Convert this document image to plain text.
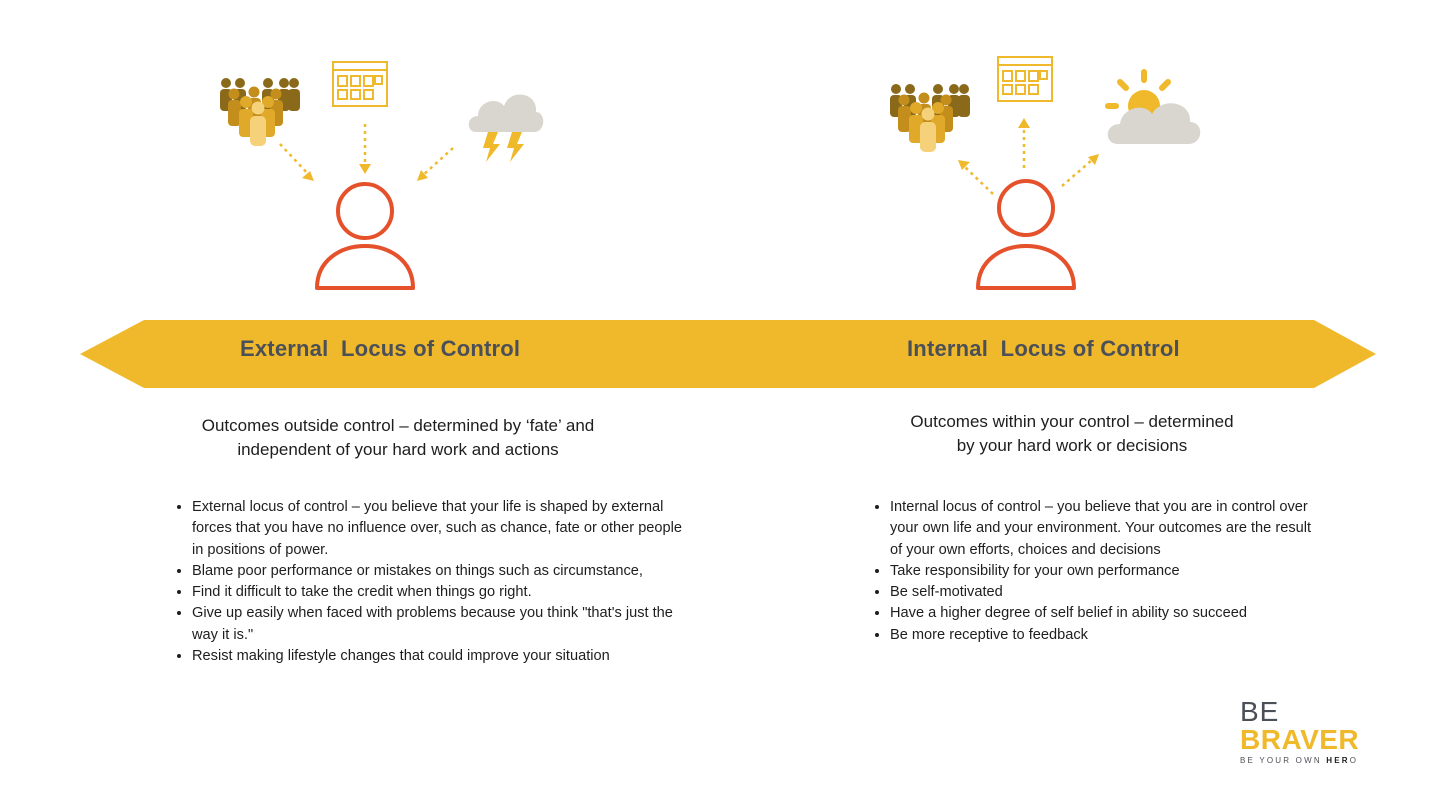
External  Locus of Control	Internal  Locus of Control
Outcomes outside control – determined by ‘fate’ and
independent of your hard work and actions
Outcomes within your control – determined
by your hard work or decisions
• External locus of control – you believe that your life is shaped by external forces that you have no influence over, such as chance, fate or other people in positions of power.
• Blame poor performance or mistakes on things such as circumstance,
• Find it difficult to take the credit when things go right.
• Give up easily when faced with problems because you think "that's just the way it is."
• Resist making lifestyle changes that could improve your situation
• Internal locus of control – you believe that you are in control over your own life and your environment. Your outcomes are the result of your own efforts, choices and decisions
• Take responsibility for your own performance
• Be self-motivated
• Have a higher degree of self belief in ability so succeed
• Be more receptive to feedback
BE
BRAVER
BE YOUR OWN HERO
